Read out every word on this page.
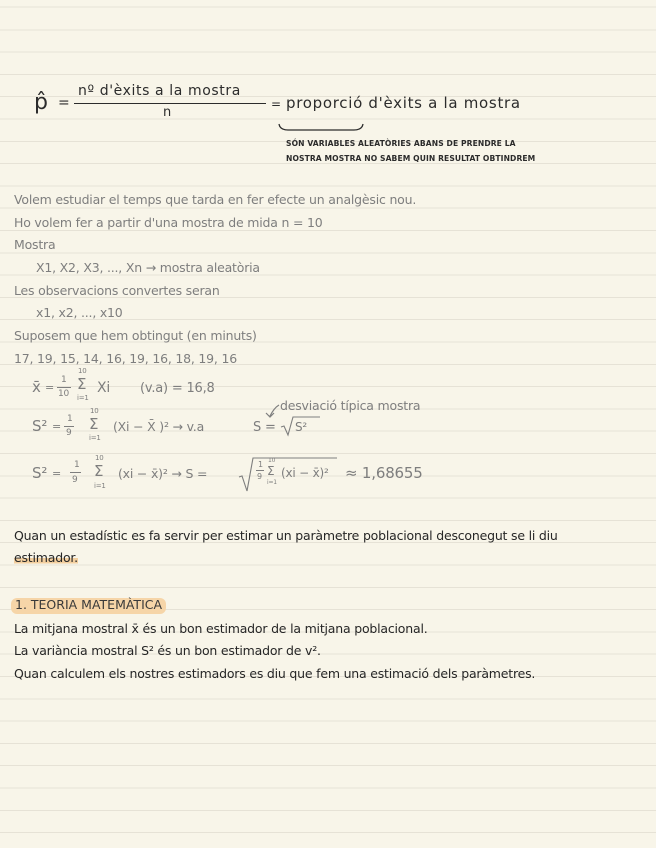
p̂ =
nº d'èxits a la mostra
n
= proporció d'èxits a la mostra
SÓN VARIABLES ALEATÒRIES ABANS DE PRENDRE LA
NOSTRA MOSTRA NO SABEM QUIN RESULTAT OBTINDREM
Volem estudiar el temps que tarda en fer efecte un analgèsic nou.
Ho volem fer a partir d'una mostra de mida n = 10
Mostra
X1, X2, X3, ..., Xn → mostra aleatòria
Les observacions convertes seran
x1, x2, ..., x10
Suposem que hem obtingut (en minuts)
17, 19, 15, 14, 16, 19, 16, 18, 19, 16
x̄ =
1
10
10
Σ
i=1
Xi (v.a) = 16,8
S² =
1
9
10
Σ
i=1
(Xi − X̄ )² → v.a
desviació típica mostra
S = S²
S² =
1
9
10
Σ
i=1
(xi − x̄)² → S =
1
9
10
Σ
i=1
(xi − x̄)² ≈ 1,68655
Quan un estadístic es fa servir per estimar un paràmetre poblacional desconegut se li diu
estimador.
1. TEORIA MATEMÀTICA
La mitjana mostral x̄ és un bon estimador de la mitjana poblacional.
La variància mostral S² és un bon estimador de v².
Quan calculem els nostres estimadors es diu que fem una estimació dels paràmetres.
